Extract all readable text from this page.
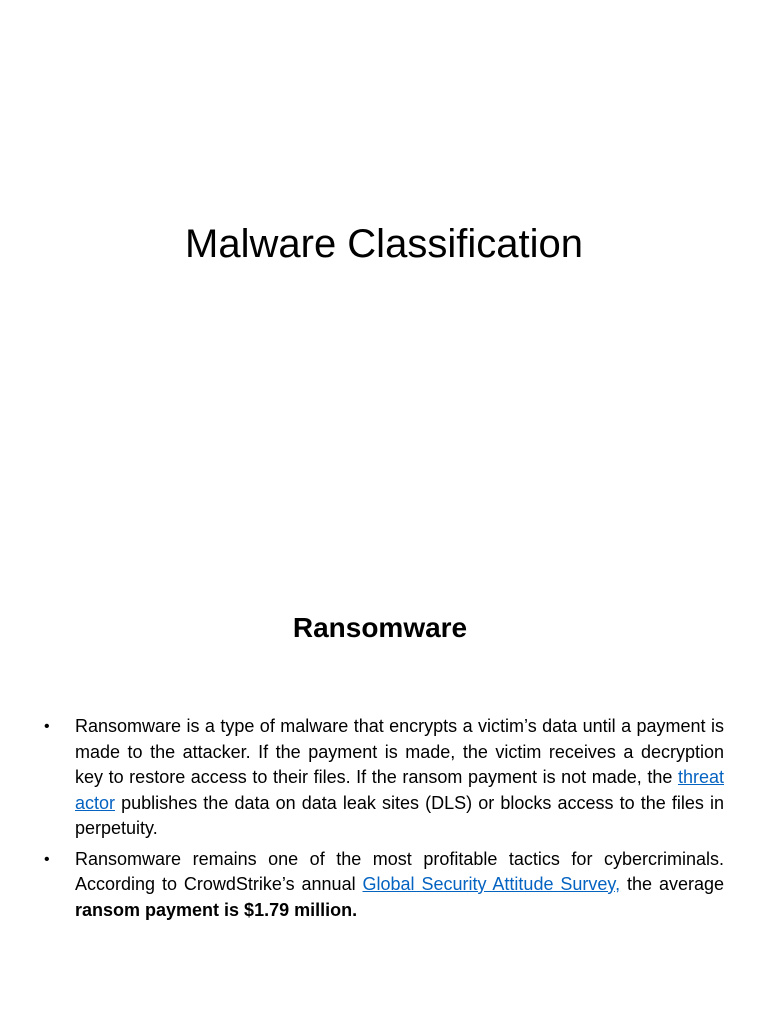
Malware Classification
Ransomware
• Ransomware is a type of malware that encrypts a victim’s data until a payment is made to the attacker. If the payment is made, the victim receives a decryption key to restore access to their files. If the ransom payment is not made, the threat actor publishes the data on data leak sites (DLS) or blocks access to the files in perpetuity.
• Ransomware remains one of the most profitable tactics for cybercriminals. According to CrowdStrike’s annual Global Security Attitude Survey, the average ransom payment is $1.79 million.
